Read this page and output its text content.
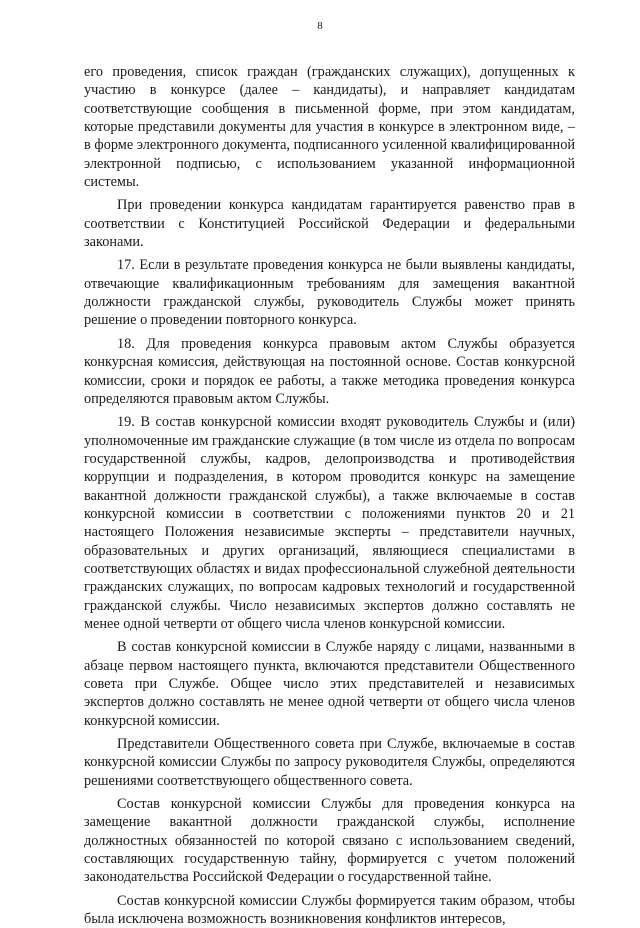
8

его проведения, список граждан (гражданских служащих), допущенных к участию в конкурсе (далее – кандидаты), и направляет кандидатам соответствующие сообщения в письменной форме, при этом кандидатам, которые представили документы для участия в конкурсе в электронном виде, – в форме электронного документа, подписанного усиленной квалифицированной электронной подписью, с использованием указанной информационной системы.

При проведении конкурса кандидатам гарантируется равенство прав в соответствии с Конституцией Российской Федерации и федеральными законами.

17. Если в результате проведения конкурса не были выявлены кандидаты, отвечающие квалификационным требованиям для замещения вакантной должности гражданской службы, руководитель Службы может принять решение о проведении повторного конкурса.

18. Для проведения конкурса правовым актом Службы образуется конкурсная комиссия, действующая на постоянной основе. Состав конкурсной комиссии, сроки и порядок ее работы, а также методика проведения конкурса определяются правовым актом Службы.

19. В состав конкурсной комиссии входят руководитель Службы и (или) уполномоченные им гражданские служащие (в том числе из отдела по вопросам государственной службы, кадров, делопроизводства и противодействия коррупции и подразделения, в котором проводится конкурс на замещение вакантной должности гражданской службы), а также включаемые в состав конкурсной комиссии в соответствии с положениями пунктов 20 и 21 настоящего Положения независимые эксперты – представители научных, образовательных и других организаций, являющиеся специалистами в соответствующих областях и видах профессиональной служебной деятельности гражданских служащих, по вопросам кадровых технологий и государственной гражданской службы. Число независимых экспертов должно составлять не менее одной четверти от общего числа членов конкурсной комиссии.

В состав конкурсной комиссии в Службе наряду с лицами, названными в абзаце первом настоящего пункта, включаются представители Общественного совета при Службе. Общее число этих представителей и независимых экспертов должно составлять не менее одной четверти от общего числа членов конкурсной комиссии.

Представители Общественного совета при Службе, включаемые в состав конкурсной комиссии Службы по запросу руководителя Службы, определяются решениями соответствующего общественного совета.

Состав конкурсной комиссии Службы для проведения конкурса на замещение вакантной должности гражданской службы, исполнение должностных обязанностей по которой связано с использованием сведений, составляющих государственную тайну, формируется с учетом положений законодательства Российской Федерации о государственной тайне.

Состав конкурсной комиссии Службы формируется таким образом, чтобы была исключена возможность возникновения конфликтов интересов,
